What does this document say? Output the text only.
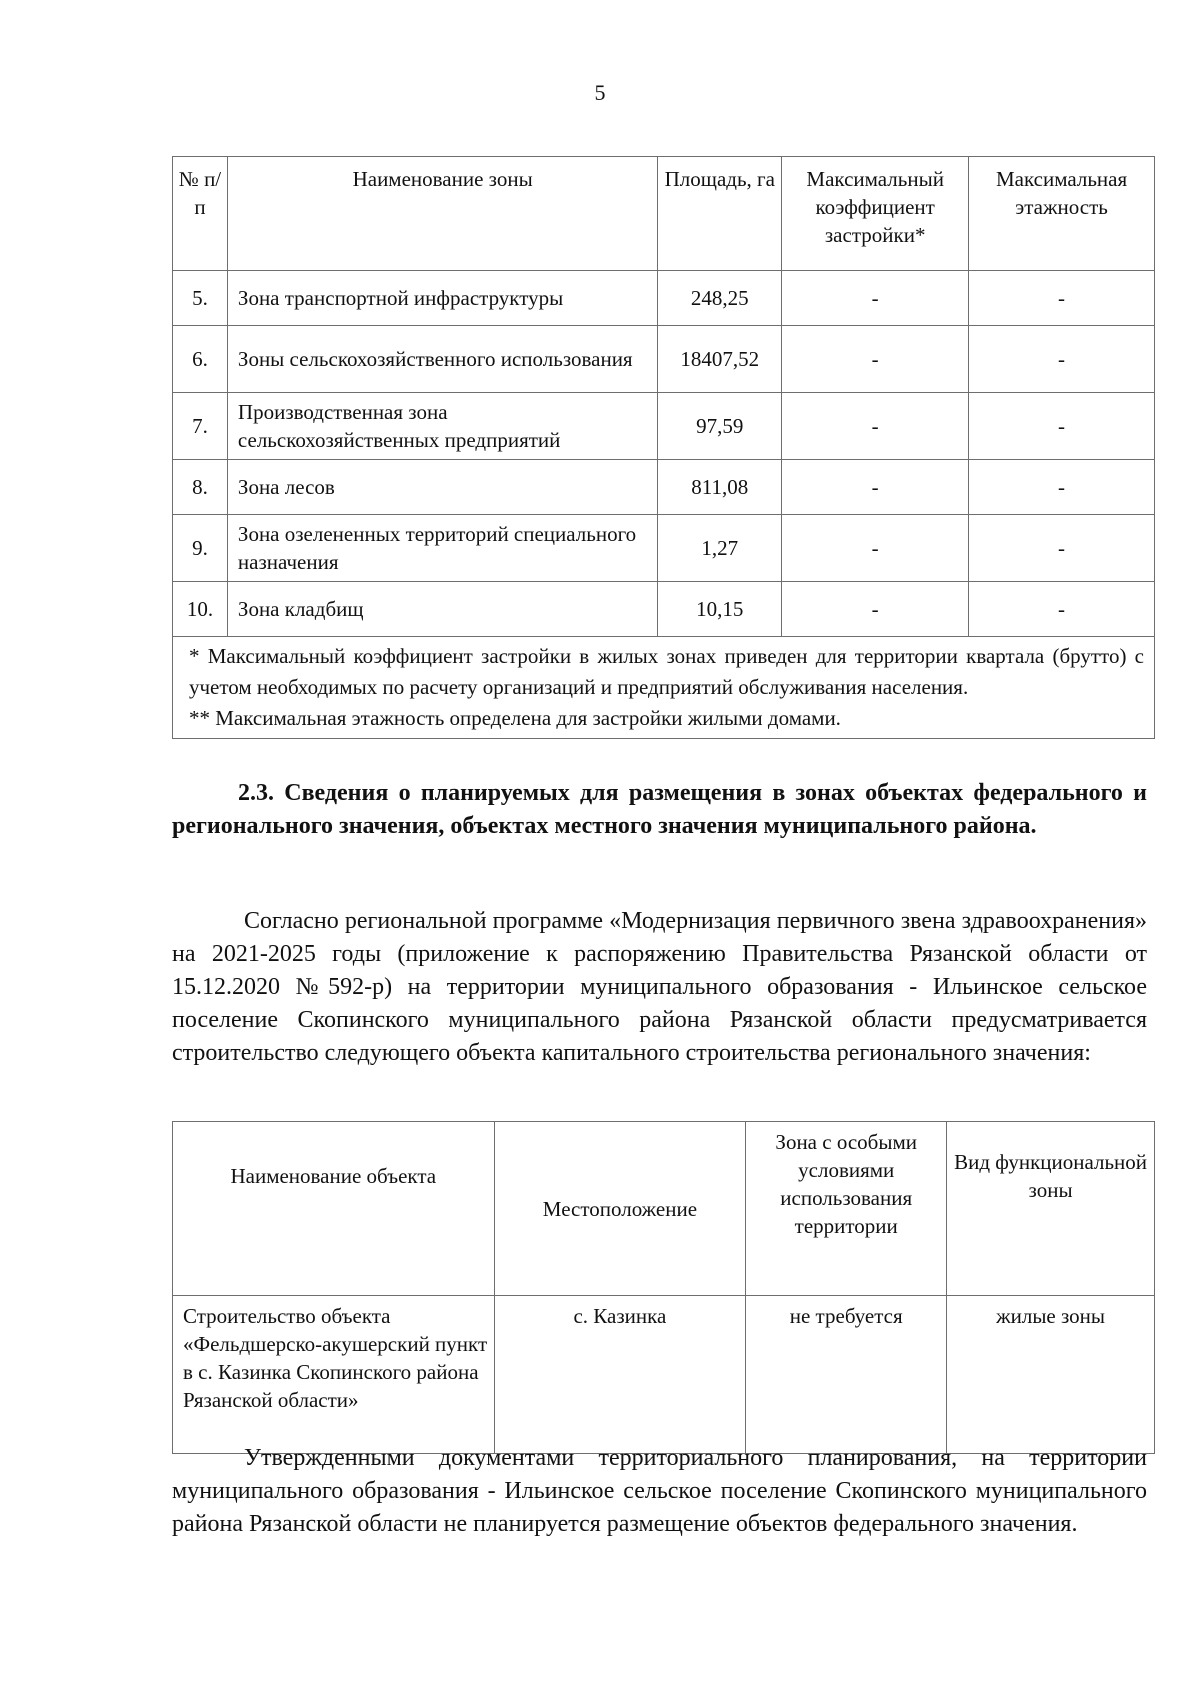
5
№ п/п	Наименование зоны	Площадь, га	Максимальный коэффициент застройки*	Максимальная этажность
5.	Зона транспортной инфраструктуры	248,25	-	-
6.	Зоны сельскохозяйственного использования	18407,52	-	-
7.	Производственная зона сельскохозяйственных предприятий	97,59	-	-
8.	Зона лесов	811,08	-	-
9.	Зона озелененных территорий специального назначения	1,27	-	-
10.	Зона кладбищ	10,15	-	-

* Максимальный коэффициент застройки в жилых зонах приведен для территории квартала (брутто) с учетом необходимых по расчету организаций и предприятий обслуживания населения.

** Максимальная этажность определена для застройки жилыми домами.				

2.3. Сведения о планируемых для размещения в зонах объектах федерального и регионального значения, объектах местного значения муниципального района.

Согласно региональной программе «Модернизация первичного звена здравоохранения» на 2021-2025 годы (приложение к распоряжению Правительства Рязанской области от 15.12.2020 №592-р) на территории муниципального образования - Ильинское сельское поселение Скопинского муниципального района Рязанской области предусматривается строительство следующего объекта капитального строительства регионального значения:

Наименование объекта	Местоположение	Зона с особыми условиями использования территории	Вид функциональной зоны
Строительство объекта «Фельдшерско-акушерский пункт в с. Казинка Скопинского района Рязанской области»	с. Казинка	не требуется	жилые зоны

Утвержденными документами территориального планирования, на территории муниципального образования - Ильинское сельское поселение Скопинского муниципального района Рязанской области не планируется размещение объектов федерального значения.
